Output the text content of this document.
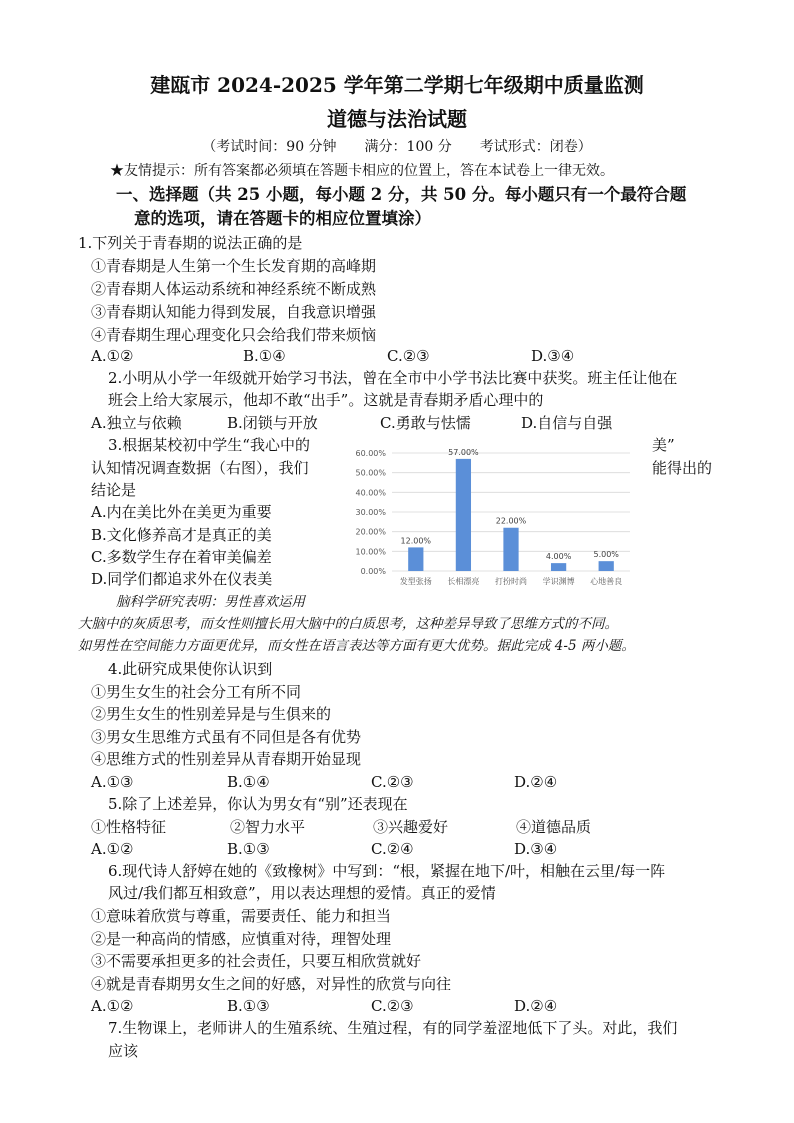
建瓯市 2024-2025 学年第二学期七年级期中质量监测
道德与法治试题
（考试时间：90 分钟　　满分：100 分　　考试形式：闭卷）
★友情提示：所有答案都必须填在答题卡相应的位置上，答在本试卷上一律无效。
一、选择题（共 25 小题，每小题 2 分，共 50 分。每小题只有一个最符合题
意的选项，请在答题卡的相应位置填涂）
1.下列关于青春期的说法正确的是
①青春期是人生第一个生长发育期的高峰期
②青春期人体运动系统和神经系统不断成熟
③青春期认知能力得到发展，自我意识增强
④青春期生理心理变化只会给我们带来烦恼
A.①②	B.①④	C.②③	D.③④
2.小明从小学一年级就开始学习书法，曾在全市中小学书法比赛中获奖。班主任让他在
班会上给大家展示，他却不敢“出手”。这就是青春期矛盾心理中的
A.独立与依赖	B.闭锁与开放	C.勇敢与怯懦	D.自信与自强
3.根据某校初中学生“我心中的	美”
认知情况调查数据（右图），我们	能得出的
结论是
A.内在美比外在美更为重要
B.文化修养高才是真正的美
C.多数学生存在着审美偏差
D.同学们都追求外在仪表美	0.00%
10.00%
20.00%
30.00%
40.00%
50.00%
60.00%
12.00%
57.00%
22.00%
4.00%	5.00%
发型张扬 长相漂亮 打扮时尚 学识渊博 心地善良
脑科学研究表明：男性喜欢运用
大脑中的灰质思考，而女性则擅长用大脑中的白质思考，这种差异导致了思维方式的不同。
如男性在空间能力方面更优异，而女性在语言表达等方面有更大优势。据此完成 4-5 两小题。
4.此研究成果使你认识到
①男生女生的社会分工有所不同
②男生女生的性别差异是与生俱来的
③男女生思维方式虽有不同但是各有优势
④思维方式的性别差异从青春期开始显现
A.①③	B.①④	C.②③	D.②④
5.除了上述差异，你认为男女有“别”还表现在
①性格特征	②智力水平	③兴趣爱好	④道德品质
A.①②	B.①③	C.②④	D.③④
6.现代诗人舒婷在她的《致橡树》中写到：“根，紧握在地下/叶，相触在云里/每一阵
风过/我们都互相致意”，用以表达理想的爱情。真正的爱情
①意味着欣赏与尊重，需要责任、能力和担当
②是一种高尚的情感，应慎重对待，理智处理
③不需要承担更多的社会责任，只要互相欣赏就好
④就是青春期男女生之间的好感，对异性的欣赏与向往
A.①②	B.①③	C.②③	D.②④
7.生物课上，老师讲人的生殖系统、生殖过程，有的同学羞涩地低下了头。对此，我们
应该
